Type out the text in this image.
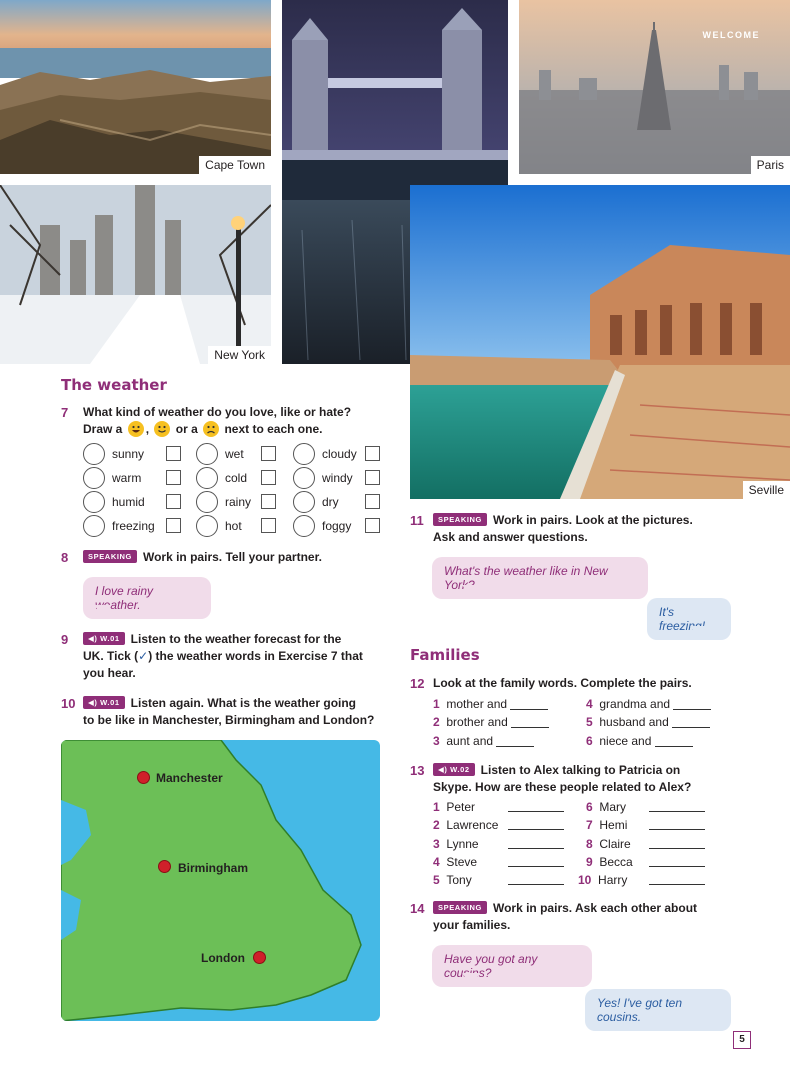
Cape Town
WELCOME
Paris
New York
Seville
The weather
7 What kind of weather do you love, like or hate?
Draw a , or a next to each one.
sunny	wet	cloudy
warm	cold	windy
humid	rainy	dry
freezing	hot	foggy
8	SPEAKING Work in pairs. Tell your partner.
I love rainy weather.
9	◀) W.01 Listen to the weather forecast for the
UK. Tick (✓) the weather words in Exercise 7 that
you hear.
10	◀) W.01 Listen again. What is the weather going
to be like in Manchester, Birmingham and London?
Manchester
Birmingham
London
11	SPEAKING Work in pairs. Look at the pictures.
Ask and answer questions.
What's the weather like in New York?
It's freezing!
Families
12 Look at the family words. Complete the pairs.
1 mother and
2 brother and
3 aunt and
4 grandma and
5 husband and
6 niece and
13	◀) W.02 Listen to Alex talking to Patricia on
Skype. How are these people related to Alex?
1 Peter
2 Lawrence
3 Lynne
4 Steve
5 Tony
6 Mary
7 Hemi
8 Claire
9 Becca
10 Harry
14	SPEAKING Work in pairs. Ask each other about
your families.
Have you got any cousins?
Yes! I've got ten cousins.
5
